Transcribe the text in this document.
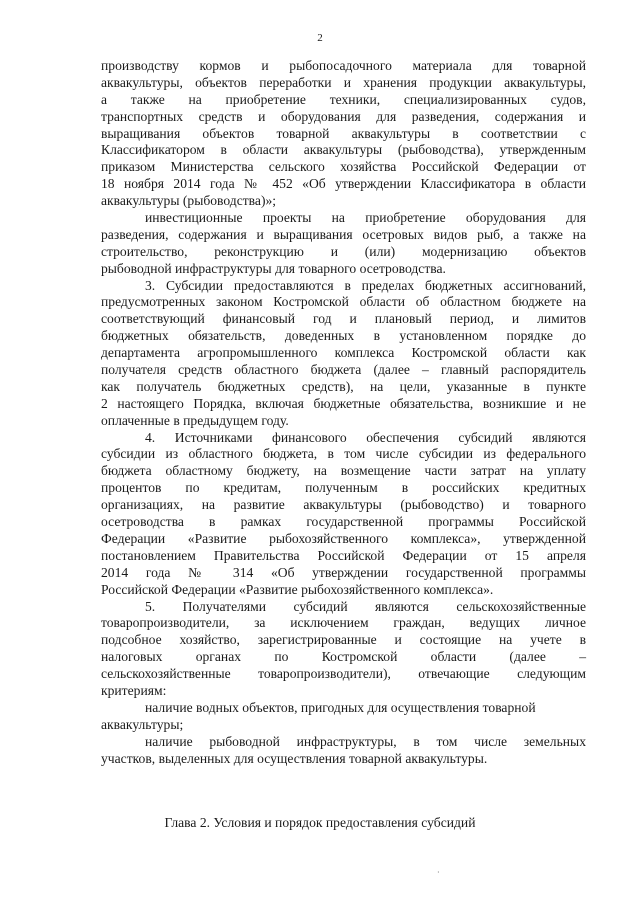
2
производству кормов и рыбопосадочного материала для товарной
аквакультуры, объектов переработки и хранения продукции аквакультуры,
а также на приобретение техники, специализированных судов,
транспортных средств и оборудования для разведения, содержания и
выращивания объектов товарной аквакультуры в соответствии с
Классификатором в области аквакультуры (рыбоводства), утвержденным
приказом Министерства сельского хозяйства Российской Федерации от
18 ноября 2014 года № 452 «Об утверждении Классификатора в области
аквакультуры (рыбоводства)»;
инвестиционные проекты на приобретение оборудования для
разведения, содержания и выращивания осетровых видов рыб, а также на
строительство, реконструкцию и (или) модернизацию объектов
рыбоводной инфраструктуры для товарного осетроводства.
3. Субсидии предоставляются в пределах бюджетных ассигнований,
предусмотренных законом Костромской области об областном бюджете на
соответствующий финансовый год и плановый период, и лимитов
бюджетных обязательств, доведенных в установленном порядке до
департамента агропромышленного комплекса Костромской области как
получателя средств областного бюджета (далее – главный распорядитель
как получатель бюджетных средств), на цели, указанные в пункте
2 настоящего Порядка, включая бюджетные обязательства, возникшие и не
оплаченные в предыдущем году.
4. Источниками финансового обеспечения субсидий являются
субсидии из областного бюджета, в том числе субсидии из федерального
бюджета областному бюджету, на возмещение части затрат на уплату
процентов по кредитам, полученным в российских кредитных
организациях, на развитие аквакультуры (рыбоводство) и товарного
осетроводства в рамках государственной программы Российской
Федерации «Развитие рыбохозяйственного комплекса», утвержденной
постановлением Правительства Российской Федерации от 15 апреля
2014 года № 314 «Об утверждении государственной программы
Российской Федерации «Развитие рыбохозяйственного комплекса».
5. Получателями субсидий являются сельскохозяйственные
товаропроизводители, за исключением граждан, ведущих личное
подсобное хозяйство, зарегистрированные и состоящие на учете в
налоговых органах по Костромской области (далее –
сельскохозяйственные товаропроизводители), отвечающие следующим
критериям:
наличие водных объектов, пригодных для осуществления товарной
аквакультуры;
наличие рыбоводной инфраструктуры, в том числе земельных
участков, выделенных для осуществления товарной аквакультуры.
Глава 2. Условия и порядок предоставления субсидий
·
